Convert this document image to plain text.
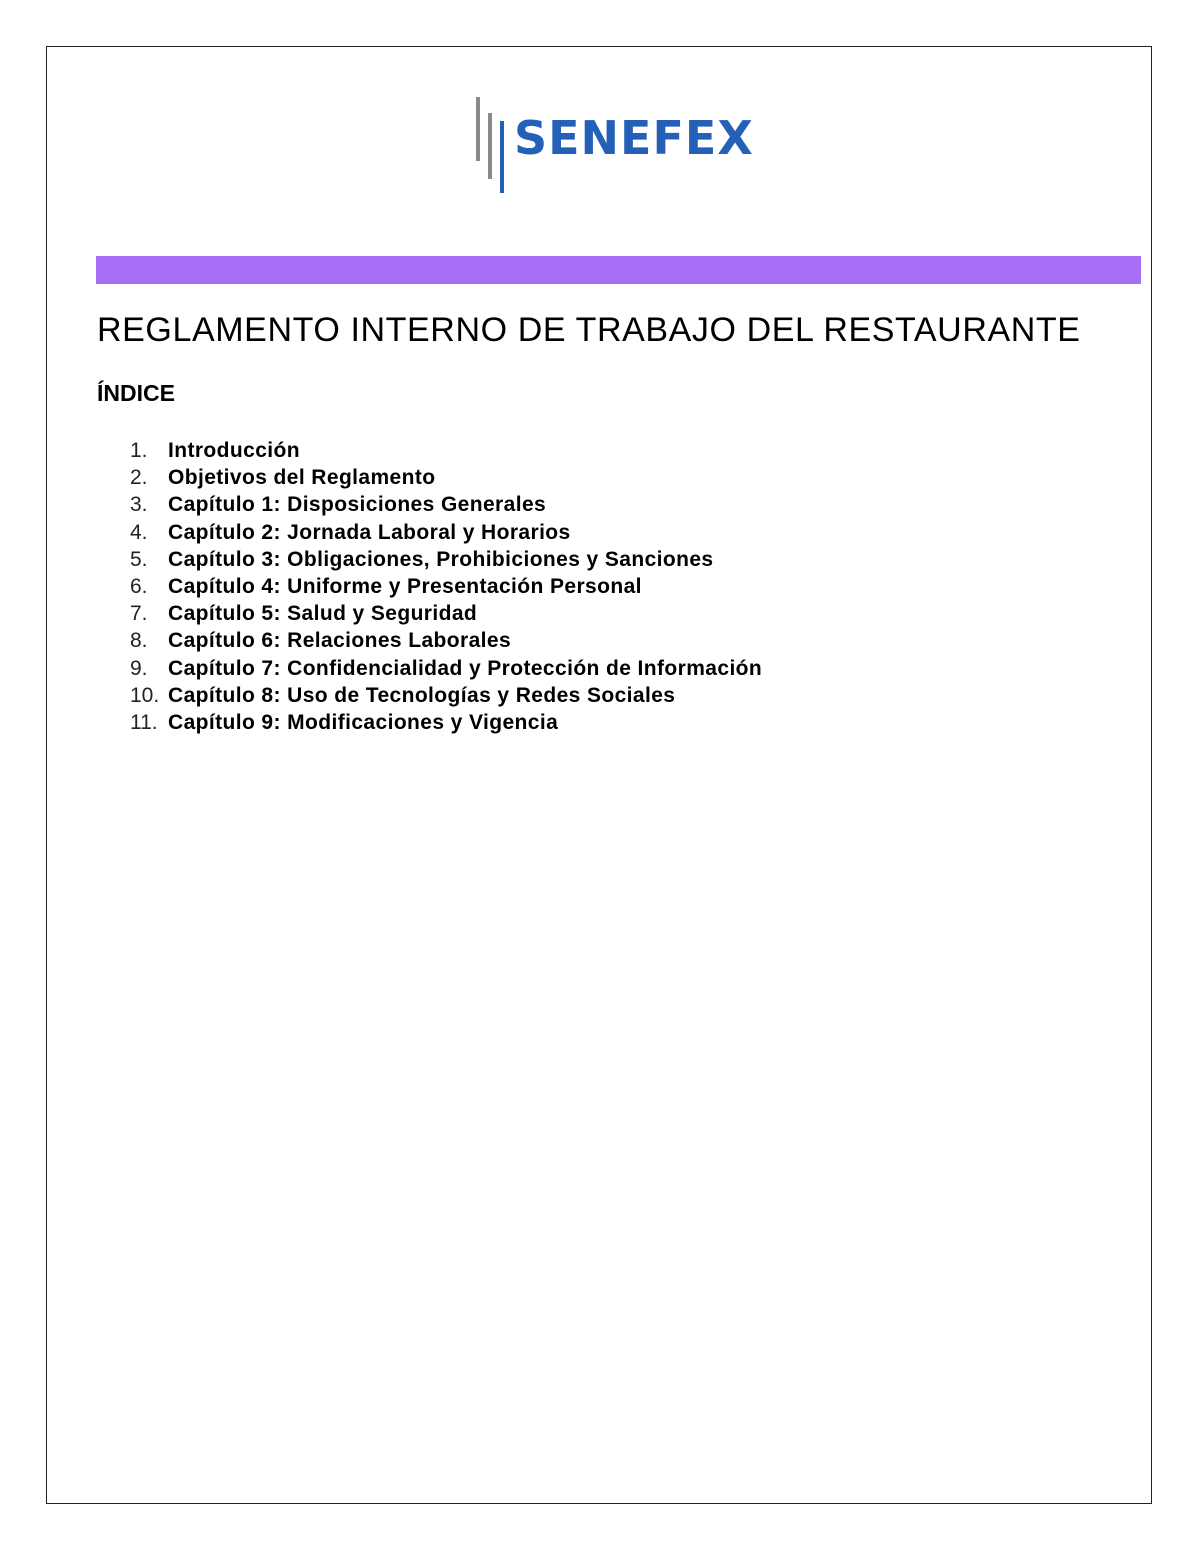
SENEFEX
REGLAMENTO INTERNO DE TRABAJO DEL RESTAURANTE
ÍNDICE
1. Introducción
2. Objetivos del Reglamento
3. Capítulo 1: Disposiciones Generales
4. Capítulo 2: Jornada Laboral y Horarios
5. Capítulo 3: Obligaciones, Prohibiciones y Sanciones
6. Capítulo 4: Uniforme y Presentación Personal
7. Capítulo 5: Salud y Seguridad
8. Capítulo 6: Relaciones Laborales
9. Capítulo 7: Confidencialidad y Protección de Información
10. Capítulo 8: Uso de Tecnologías y Redes Sociales
11. Capítulo 9: Modificaciones y Vigencia
